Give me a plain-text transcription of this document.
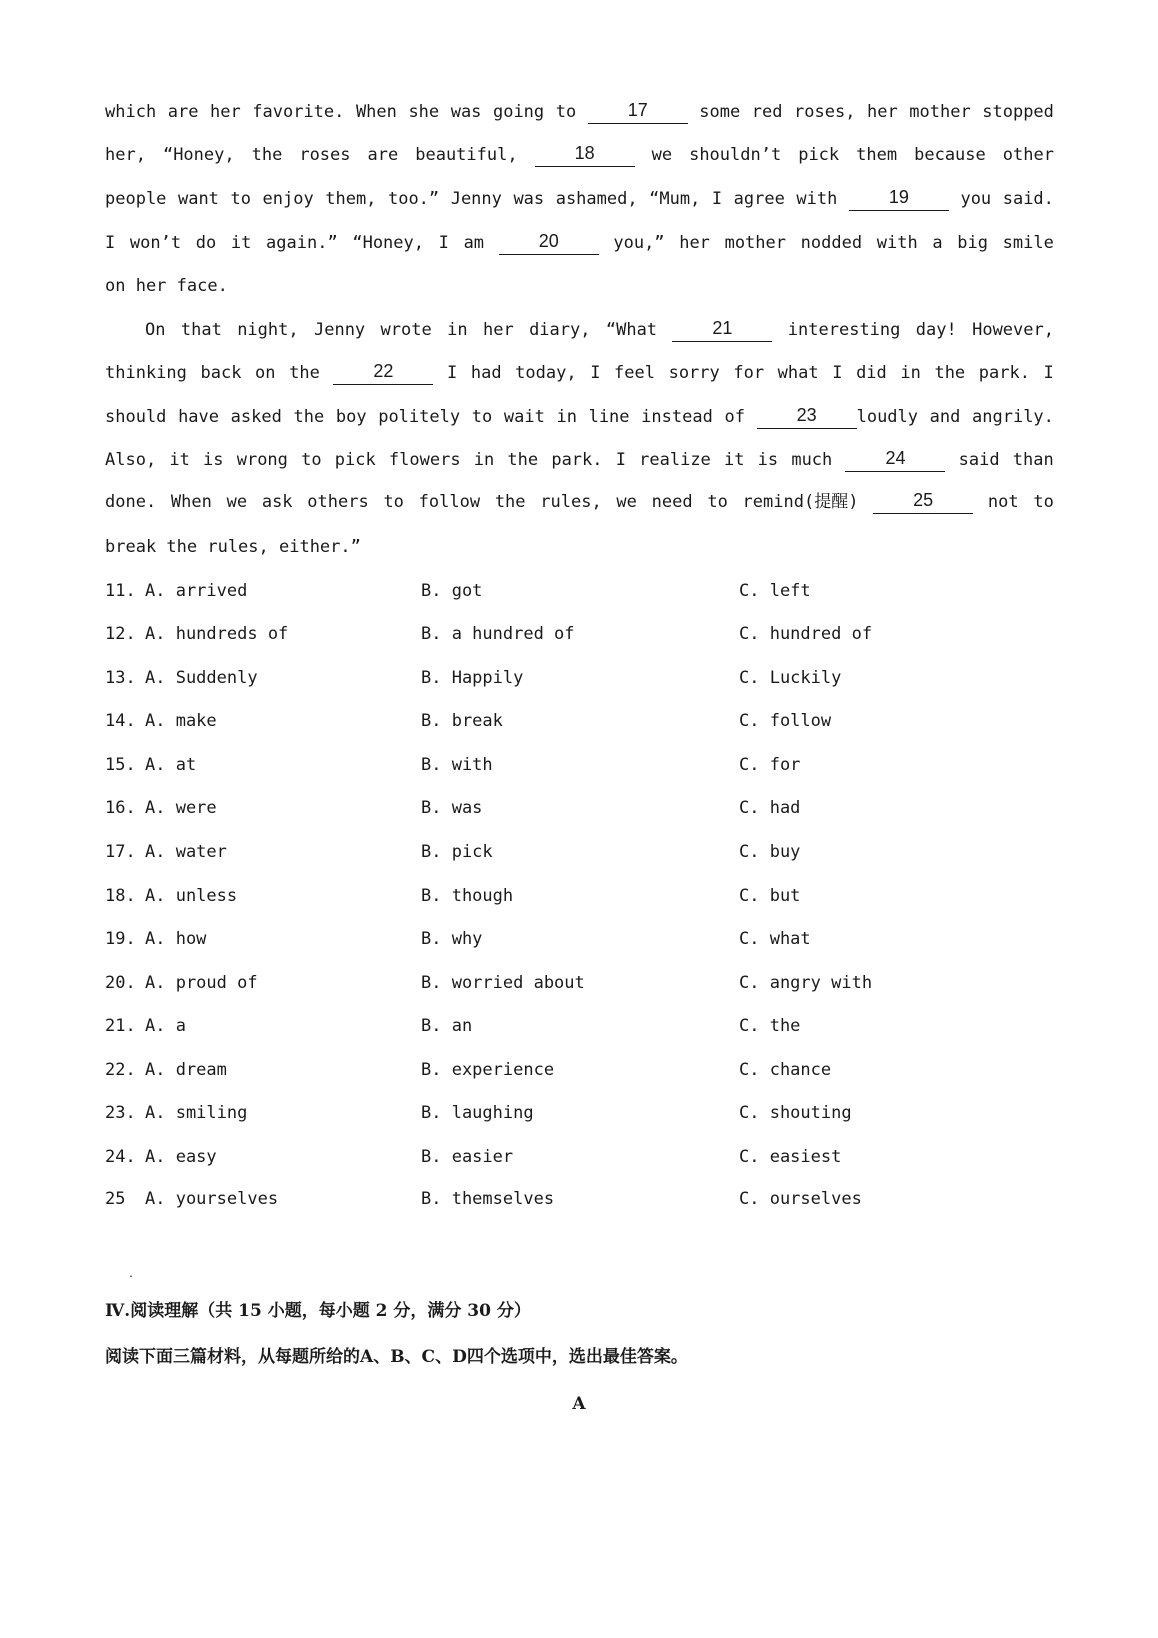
which are her favorite. When she was going to	17	some red roses, her mother stopped
her, “Honey, the roses are beautiful,	18	we shouldn’t pick them because other
people want to enjoy them, too.” Jenny was ashamed, “Mum, I agree with	19	you said.
I won’t do it again.” “Honey, I am	20	you,” her mother nodded with a big smile
on her face.
On that night, Jenny wrote in her diary, “What	21	interesting day! However,
thinking back on the	22	I had today, I feel sorry for what I did in the park. I
should have asked the boy politely to wait in line instead of	23	loudly and angrily.
Also, it is wrong to pick flowers in the park. I realize it is much	24	said than
done. When we ask others to follow the rules, we need to remind(提醒)	25	not to
break the rules, either.”
11. A. arrived	B. got	C. left
12. A. hundreds of	B. a hundred of	C. hundred of
13. A. Suddenly	B. Happily	C. Luckily
14. A. make	B. break	C. follow
15. A. at	B. with	C. for
16. A. were	B. was	C. had
17. A. water	B. pick	C. buy
18. A. unless	B. though	C. but
19. A. how	B. why	C. what
20. A. proud of	B. worried about	C. angry with
21. A. a	B. an	C. the
22. A. dream	B. experience	C. chance
23. A. smiling	B. laughing	C. shouting
24. A. easy	B. easier	C. easiest
25 A. yourselves	B. themselves	C. ourselves
.
Ⅳ.阅读理解（共 15 小题，每小题 2 分，满分 30 分）
阅读下面三篇材料，从每题所给的A、B、C、D四个选项中，选出最佳答案。
A
